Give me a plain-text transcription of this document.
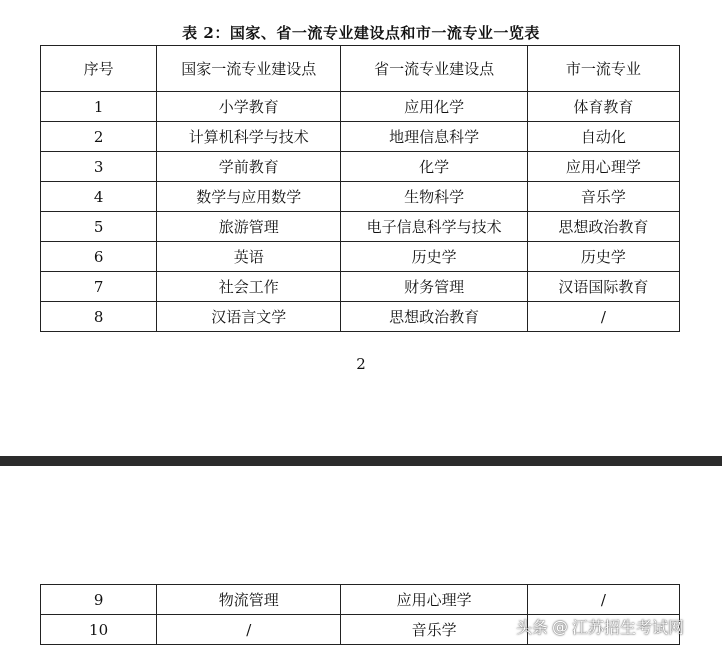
表 2：国家、省一流专业建设点和市一流专业一览表
序号	国家一流专业建设点	省一流专业建设点	市一流专业
1	小学教育	应用化学	体育教育
2	计算机科学与技术	地理信息科学	自动化
3	学前教育	化学	应用心理学
4	数学与应用数学	生物科学	音乐学
5	旅游管理	电子信息科学与技术	思想政治教育
6	英语	历史学	历史学
7	社会工作	财务管理	汉语国际教育
8	汉语言文学	思想政治教育	/
2
9	物流管理	应用心理学	/
10	/	音乐学		头条 @ 江苏招生考试网
